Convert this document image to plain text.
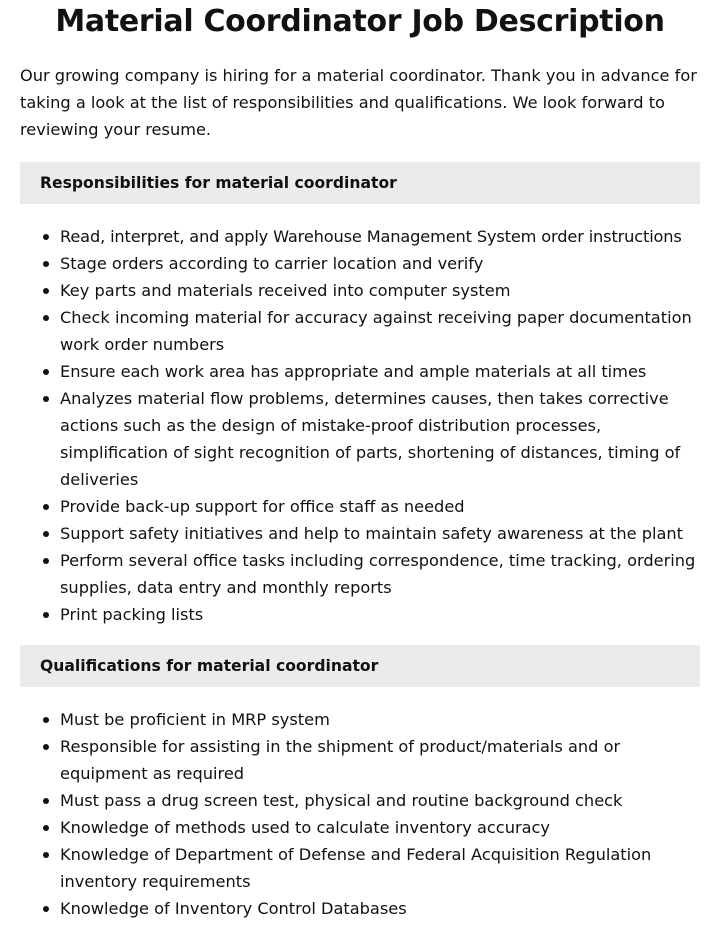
Material Coordinator Job Description

Our growing company is hiring for a material coordinator. Thank you in advance for taking a look at the list of responsibilities and qualifications. We look forward to reviewing your resume.

Responsibilities for material coordinator
Read, interpret, and apply Warehouse Management System order instructions
Stage orders according to carrier location and verify
Key parts and materials received into computer system
Check incoming material for accuracy against receiving paper documentation work order numbers
Ensure each work area has appropriate and ample materials at all times
Analyzes material flow problems, determines causes, then takes corrective actions such as the design of mistake-proof distribution processes, simplification of sight recognition of parts, shortening of distances, timing of deliveries
Provide back-up support for office staff as needed
Support safety initiatives and help to maintain safety awareness at the plant
Perform several office tasks including correspondence, time tracking, ordering supplies, data entry and monthly reports
Print packing lists
Qualifications for material coordinator
Must be proficient in MRP system
Responsible for assisting in the shipment of product/materials and or equipment as required
Must pass a drug screen test, physical and routine background check
Knowledge of methods used to calculate inventory accuracy
Knowledge of Department of Defense and Federal Acquisition Regulation inventory requirements
Knowledge of Inventory Control Databases
